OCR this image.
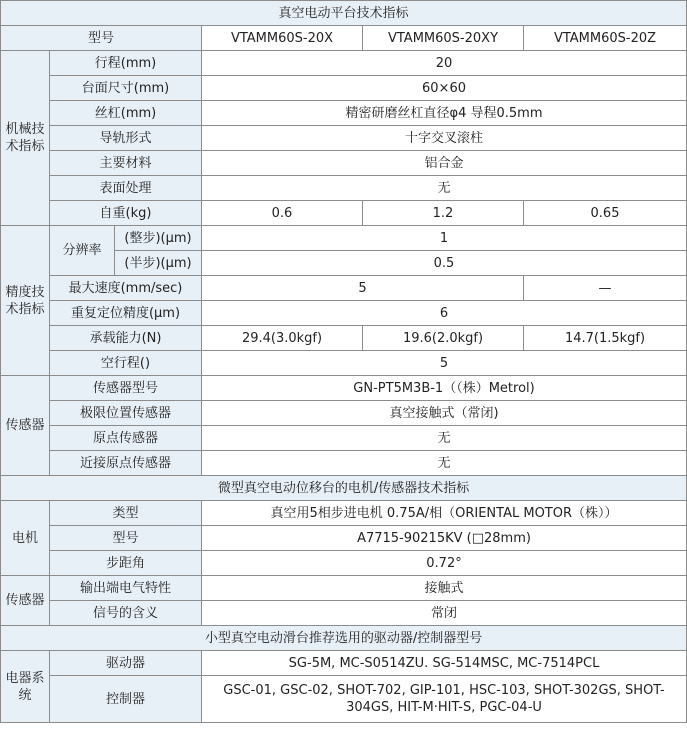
真空电动平台技术指标					
型号			VTAMM60S-20X	VTAMM60S-20XY	VTAMM60S-20Z
机械技术指标	行程(mm)		20		
	台面尺寸(mm)		60×60		
	丝杠(mm)		精密研磨丝杠直径φ4 导程0.5mm		
	导轨形式		十字交叉滚柱		
	主要材料		铝合金		
	表面处理		无		
	自重(kg)		0.6	1.2	0.65
精度技术指标	分辨率	(整步)(μm)	1		
		(半步)(μm)	0.5		
	最大速度(mm/sec)		5		—
	重复定位精度(μm)		6		
	承载能力(N)		29.4(3.0kgf)	19.6(2.0kgf)	14.7(1.5kgf)
	空行程()		5		
传感器	传感器型号		GN-PT5M3B-1（（株）Metrol)		
	极限位置传感器		真空接触式（常闭)		
	原点传感器		无		
	近接原点传感器		无		
微型真空电动位移台的电机/传感器技术指标					
电机	类型		真空用5相步进电机 0.75A/相（ORIENTAL MOTOR（株））		
	型号		A7715-90215KV (□28mm)		
	步距角		0.72°		
传感器	输出端电气特性		接触式		
	信号的含义		常闭		
小型真空电动滑台推荐选用的驱动器/控制器型号					
电器系统	驱动器		SG-5M, MC-S0514ZU. SG-514MSC, MC-7514PCL		
	控制器		GSC-01, GSC-02, SHOT-702, GIP-101, HSC-103, SHOT-302GS, SHOT-304GS, HIT-M·HIT-S, PGC-04-U		
